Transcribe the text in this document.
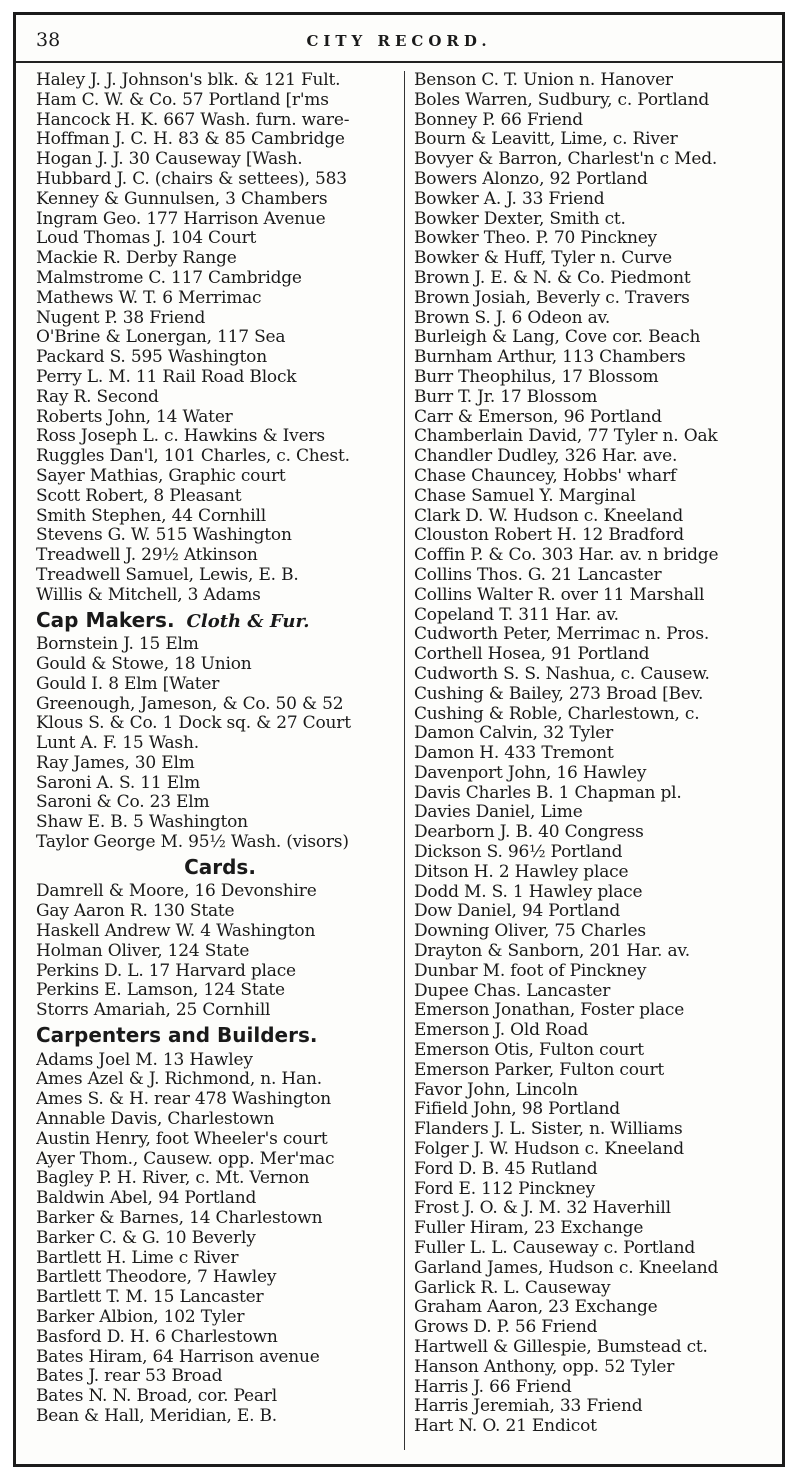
38	CITY RECORD.
Haley J. J. Johnson's blk. & 121 Fult.
Ham C. W. & Co. 57 Portland [r'ms
Hancock H. K. 667 Wash. furn. ware-
Hoffman J. C. H. 83 & 85 Cambridge
Hogan J. J. 30 Causeway [Wash.
Hubbard J. C. (chairs & settees), 583
Kenney & Gunnulsen, 3 Chambers
Ingram Geo. 177 Harrison Avenue
Loud Thomas J. 104 Court
Mackie R. Derby Range
Malmstrome C. 117 Cambridge
Mathews W. T. 6 Merrimac
Nugent P. 38 Friend
O'Brine & Lonergan, 117 Sea
Packard S. 595 Washington
Perry L. M. 11 Rail Road Block
Ray R. Second
Roberts John, 14 Water
Ross Joseph L. c. Hawkins & Ivers
Ruggles Dan'l, 101 Charles, c. Chest.
Sayer Mathias, Graphic court
Scott Robert, 8 Pleasant
Smith Stephen, 44 Cornhill
Stevens G. W. 515 Washington
Treadwell J. 29½ Atkinson
Treadwell Samuel, Lewis, E. B.
Willis & Mitchell, 3 Adams
Cap Makers. Cloth & Fur.
Bornstein J. 15 Elm
Gould & Stowe, 18 Union
Gould I. 8 Elm [Water
Greenough, Jameson, & Co. 50 & 52
Klous S. & Co. 1 Dock sq. & 27 Court
Lunt A. F. 15 Wash.
Ray James, 30 Elm
Saroni A. S. 11 Elm
Saroni & Co. 23 Elm
Shaw E. B. 5 Washington
Taylor George M. 95½ Wash. (visors)
Cards.
Damrell & Moore, 16 Devonshire
Gay Aaron R. 130 State
Haskell Andrew W. 4 Washington
Holman Oliver, 124 State
Perkins D. L. 17 Harvard place
Perkins E. Lamson, 124 State
Storrs Amariah, 25 Cornhill
Carpenters and Builders.
Adams Joel M. 13 Hawley
Ames Azel & J. Richmond, n. Han.
Ames S. & H. rear 478 Washington
Annable Davis, Charlestown
Austin Henry, foot Wheeler's court
Ayer Thom., Causew. opp. Mer'mac
Bagley P. H. River, c. Mt. Vernon
Baldwin Abel, 94 Portland
Barker & Barnes, 14 Charlestown
Barker C. & G. 10 Beverly
Bartlett H. Lime c River
Bartlett Theodore, 7 Hawley
Bartlett T. M. 15 Lancaster
Barker Albion, 102 Tyler
Basford D. H. 6 Charlestown
Bates Hiram, 64 Harrison avenue
Bates J. rear 53 Broad
Bates N. N. Broad, cor. Pearl
Bean & Hall, Meridian, E. B.
Benson C. T. Union n. Hanover
Boles Warren, Sudbury, c. Portland
Bonney P. 66 Friend
Bourn & Leavitt, Lime, c. River
Bovyer & Barron, Charlest'n c Med.
Bowers Alonzo, 92 Portland
Bowker A. J. 33 Friend
Bowker Dexter, Smith ct.
Bowker Theo. P. 70 Pinckney
Bowker & Huff, Tyler n. Curve
Brown J. E. & N. & Co. Piedmont
Brown Josiah, Beverly c. Travers
Brown S. J. 6 Odeon av.
Burleigh & Lang, Cove cor. Beach
Burnham Arthur, 113 Chambers
Burr Theophilus, 17 Blossom
Burr T. Jr. 17 Blossom
Carr & Emerson, 96 Portland
Chamberlain David, 77 Tyler n. Oak
Chandler Dudley, 326 Har. ave.
Chase Chauncey, Hobbs' wharf
Chase Samuel Y. Marginal
Clark D. W. Hudson c. Kneeland
Clouston Robert H. 12 Bradford
Coffin P. & Co. 303 Har. av. n bridge
Collins Thos. G. 21 Lancaster
Collins Walter R. over 11 Marshall
Copeland T. 311 Har. av.
Cudworth Peter, Merrimac n. Pros.
Corthell Hosea, 91 Portland
Cudworth S. S. Nashua, c. Causew.
Cushing & Bailey, 273 Broad [Bev.
Cushing & Roble, Charlestown, c.
Damon Calvin, 32 Tyler
Damon H. 433 Tremont
Davenport John, 16 Hawley
Davis Charles B. 1 Chapman pl.
Davies Daniel, Lime
Dearborn J. B. 40 Congress
Dickson S. 96½ Portland
Ditson H. 2 Hawley place
Dodd M. S. 1 Hawley place
Dow Daniel, 94 Portland
Downing Oliver, 75 Charles
Drayton & Sanborn, 201 Har. av.
Dunbar M. foot of Pinckney
Dupee Chas. Lancaster
Emerson Jonathan, Foster place
Emerson J. Old Road
Emerson Otis, Fulton court
Emerson Parker, Fulton court
Favor John, Lincoln
Fifield John, 98 Portland
Flanders J. L. Sister, n. Williams
Folger J. W. Hudson c. Kneeland
Ford D. B. 45 Rutland
Ford E. 112 Pinckney
Frost J. O. & J. M. 32 Haverhill
Fuller Hiram, 23 Exchange
Fuller L. L. Causeway c. Portland
Garland James, Hudson c. Kneeland
Garlick R. L. Causeway
Graham Aaron, 23 Exchange
Grows D. P. 56 Friend
Hartwell & Gillespie, Bumstead ct.
Hanson Anthony, opp. 52 Tyler
Harris J. 66 Friend
Harris Jeremiah, 33 Friend
Hart N. O. 21 Endicot
